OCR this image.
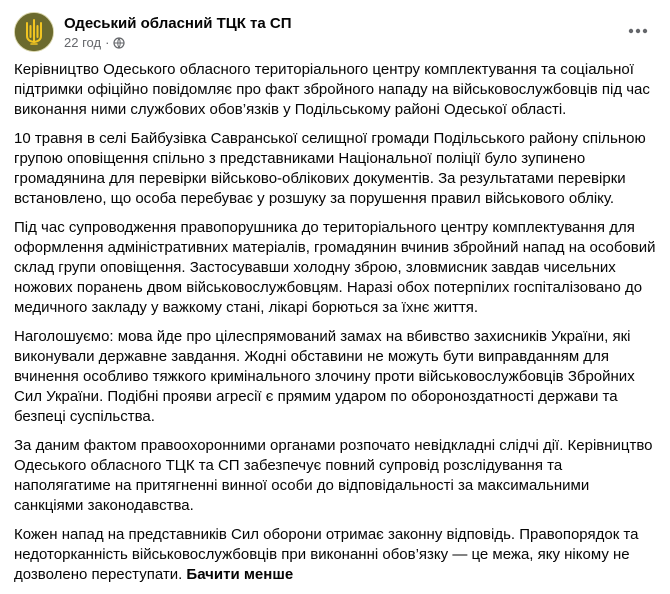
Одеський обласний ТЦК та СП
22 год ·

Керівництво Одеського обласного територіального центру комплектування та соціальної підтримки офіційно повідомляє про факт збройного нападу на військовослужбовців під час виконання ними службових обов’язків у Подільському районі Одеської області.

10 травня в селі Байбузівка Савранської селищної громади Подільського району спільною групою оповіщення спільно з представниками Національної поліції було зупинено громадянина для перевірки військово-облікових документів. За результатами перевірки встановлено, що особа перебуває у розшуку за порушення правил військового обліку.

Під час супроводження правопорушника до територіального центру комплектування для оформлення адміністративних матеріалів, громадянин вчинив збройний напад на особовий склад групи оповіщення. Застосувавши холодну зброю, зловмисник завдав чисельних ножових поранень двом військовослужбовцям. Наразі обох потерпілих госпіталізовано до медичного закладу у важкому стані, лікарі борються за їхнє життя.

Наголошуємо: мова йде про цілеспрямований замах на вбивство захисників України, які виконували державне завдання. Жодні обставини не можуть бути виправданням для вчинення особливо тяжкого кримінального злочину проти військовослужбовців Збройних Сил України. Подібні прояви агресії є прямим ударом по обороноздатності держави та безпеці суспільства.

За даним фактом правоохоронними органами розпочато невідкладні слідчі дії. Керівництво Одеського обласного ТЦК та СП забезпечує повний супровід розслідування та наполягатиме на притягненні винної особи до відповідальності за максимальними санкціями законодавства.

Кожен напад на представників Сил оборони отримає законну відповідь. Правопорядок та недоторканність військовослужбовців при виконанні обов’язку — це межа, яку нікому не дозволено переступати. Бачити менше
